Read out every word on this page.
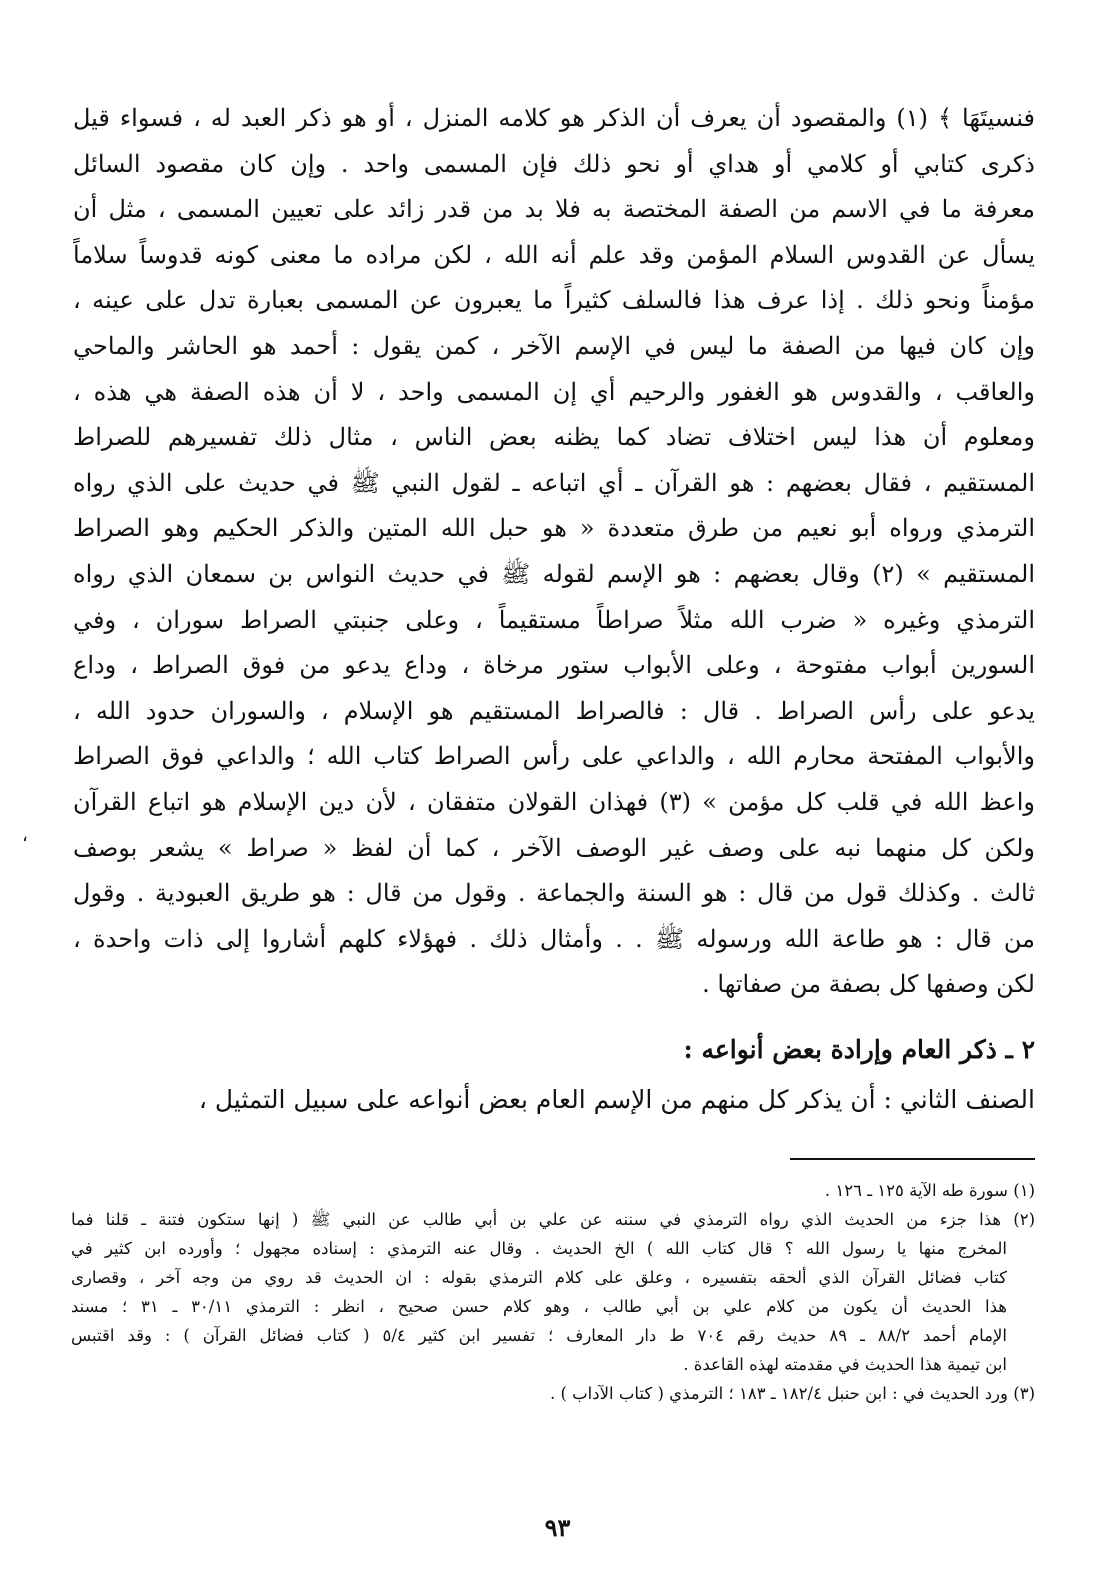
فنسيتَهَا ﴾ (١) والمقصود أن يعرف أن الذكر هو كلامه المنزل ، أو هو ذكر العبد له ، فسواء قيل
ذكرى كتابي أو كلامي أو هداي أو نحو ذلك فإن المسمى واحد . وإن كان مقصود السائل
معرفة ما في الاسم من الصفة المختصة به فلا بد من قدر زائد على تعيين المسمى ، مثل أن
يسأل عن القدوس السلام المؤمن وقد علم أنه الله ، لكن مراده ما معنى كونه قدوساً سلاماً
مؤمناً ونحو ذلك . إذا عرف هذا فالسلف كثيراً ما يعبرون عن المسمى بعبارة تدل على عينه ،
وإن كان فيها من الصفة ما ليس في الإسم الآخر ، كمن يقول : أحمد هو الحاشر والماحي
والعاقب ، والقدوس هو الغفور والرحيم أي إن المسمى واحد ، لا أن هذه الصفة هي هذه ،
ومعلوم أن هذا ليس اختلاف تضاد كما يظنه بعض الناس ، مثال ذلك تفسيرهم للصراط
المستقيم ، فقال بعضهم : هو القرآن ـ أي اتباعه ـ لقول النبي ﷺ في حديث على الذي رواه
الترمذي ورواه أبو نعيم من طرق متعددة « هو حبل الله المتين والذكر الحكيم وهو الصراط
المستقيم » (٢) وقال بعضهم : هو الإسم لقوله ﷺ في حديث النواس بن سمعان الذي رواه
الترمذي وغيره « ضرب الله مثلاً صراطاً مستقيماً ، وعلى جنبتي الصراط سوران ، وفي
السورين أبواب مفتوحة ، وعلى الأبواب ستور مرخاة ، وداع يدعو من فوق الصراط ، وداع
يدعو على رأس الصراط . قال : فالصراط المستقيم هو الإسلام ، والسوران حدود الله ،
والأبواب المفتحة محارم الله ، والداعي على رأس الصراط كتاب الله ؛ والداعي فوق الصراط
واعظ الله في قلب كل مؤمن » (٣) فهذان القولان متفقان ، لأن دين الإسلام هو اتباع القرآن
ولكن كل منهما نبه على وصف غير الوصف الآخر ، كما أن لفظ « صراط » يشعر بوصف
ثالث . وكذلك قول من قال : هو السنة والجماعة . وقول من قال : هو طريق العبودية . وقول
من قال : هو طاعة الله ورسوله ﷺ . . وأمثال ذلك . فهؤلاء كلهم أشاروا إلى ذات واحدة ،
لكن وصفها كل بصفة من صفاتها .
٢ ـ ذكر العام وإرادة بعض أنواعه :
الصنف الثاني : أن يذكر كل منهم من الإسم العام بعض أنواعه على سبيل التمثيل ،
(١) سورة طه الآية ١٢٥ ـ ١٢٦ .
(٢) هذا جزء من الحديث الذي رواه الترمذي في سننه عن علي بن أبي طالب عن النبي ﷺ ( إنها ستكون فتنة ـ قلنا فما
المخرج منها يا رسول الله ؟ قال كتاب الله ) الخ الحديث . وقال عنه الترمذي : إسناده مجهول ؛ وأورده ابن كثير في
كتاب فضائل القرآن الذي ألحقه بتفسيره ، وعلق على كلام الترمذي بقوله : ان الحديث قد روي من وجه آخر ، وقصارى
هذا الحديث أن يكون من كلام علي بن أبي طالب ، وهو كلام حسن صحيح ، انظر : الترمذي ٣٠/١١ ـ ٣١ ؛ مسند
الإمام أحمد ٨٨/٢ ـ ٨٩ حديث رقم ٧٠٤ ط دار المعارف ؛ تفسير ابن كثير ٥/٤ ( كتاب فضائل القرآن ) : وقد اقتبس
ابن تيمية هذا الحديث في مقدمته لهذه القاعدة .
(٣) ورد الحديث في : ابن حنبل ١٨٢/٤ ـ ١٨٣ ؛ الترمذي ( كتاب الآداب ) .
٩٣
،
